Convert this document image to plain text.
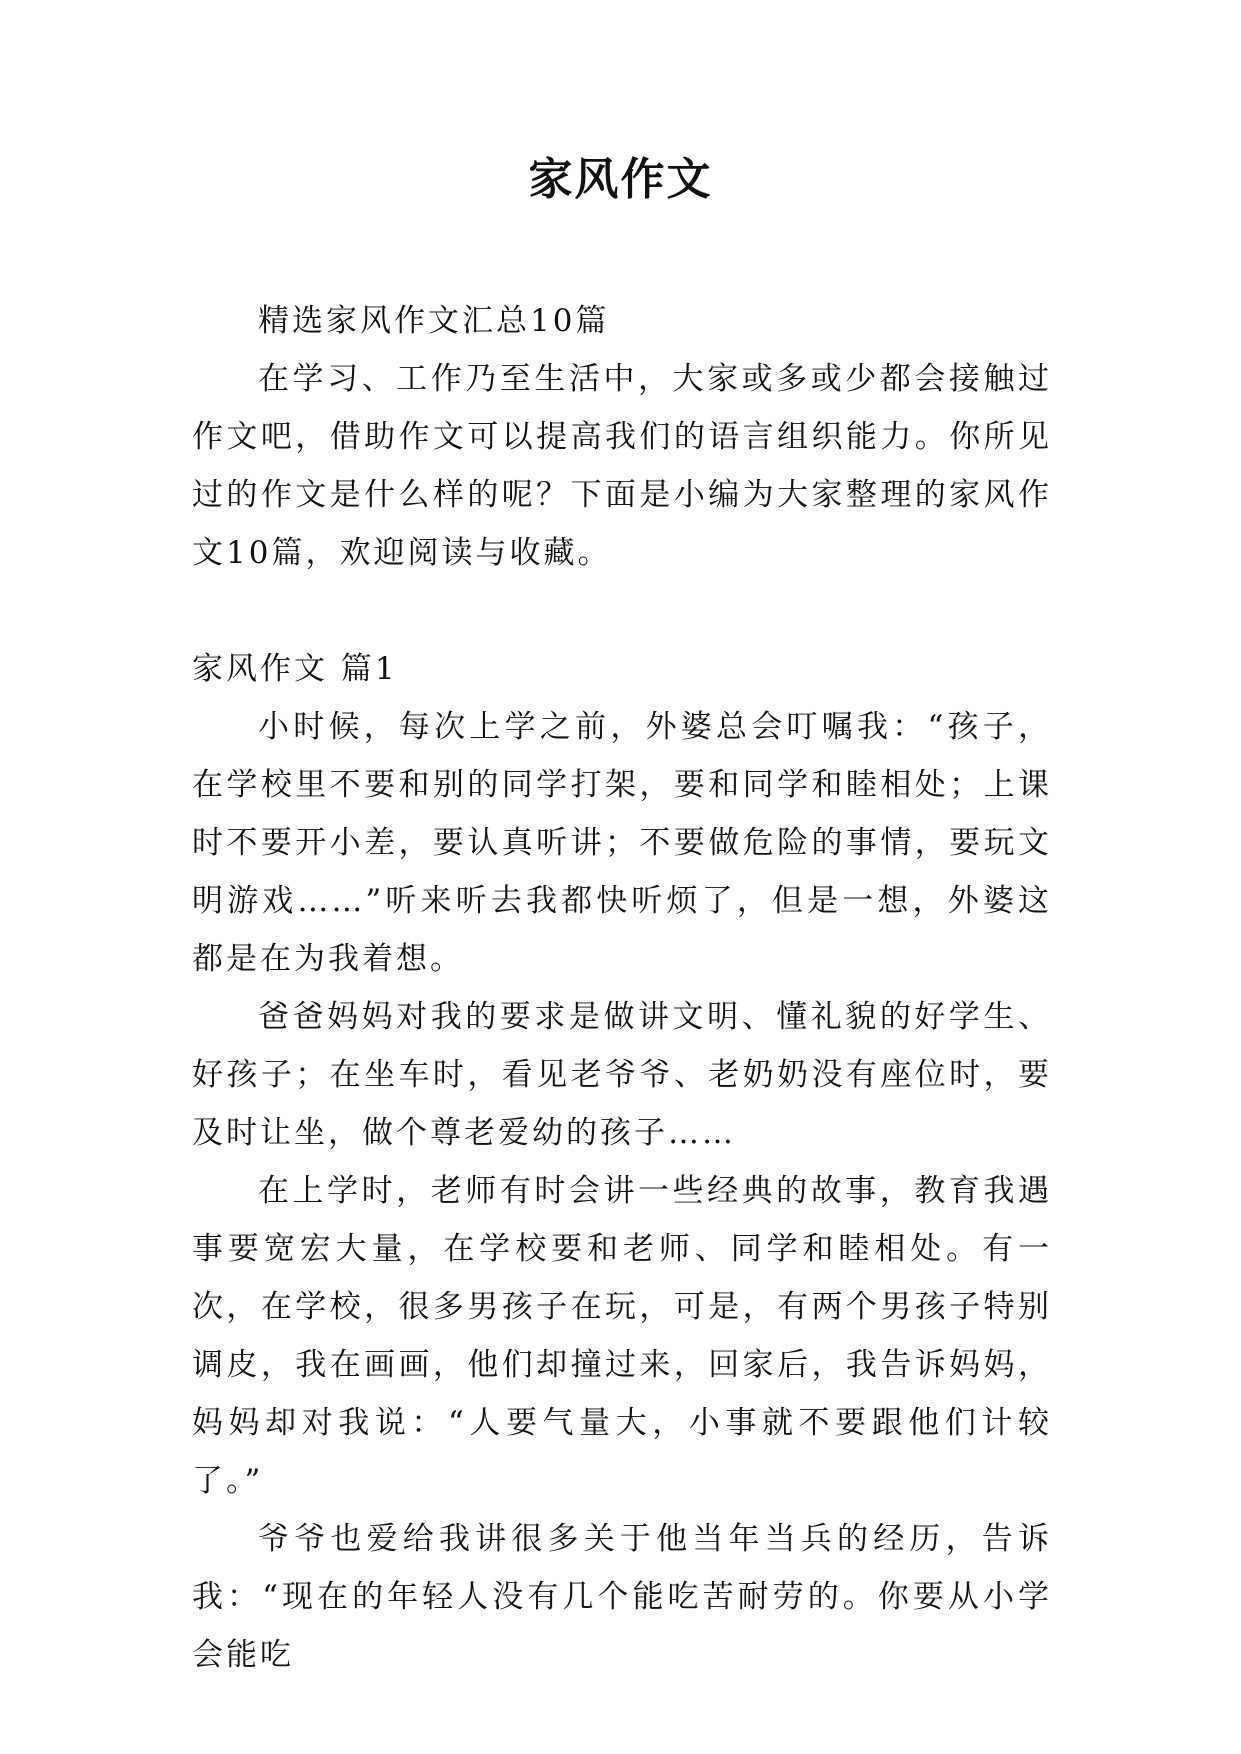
家风作文

精选家风作文汇总10篇

在学习、工作乃至生活中，大家或多或少都会接触过作文吧，借助作文可以提高我们的语言组织能力。你所见过的作文是什么样的呢？下面是小编为大家整理的家风作文10篇，欢迎阅读与收藏。

家风作文 篇1

小时候，每次上学之前，外婆总会叮嘱我：“孩子，在学校里不要和别的同学打架，要和同学和睦相处；上课时不要开小差，要认真听讲；不要做危险的事情，要玩文明游戏……”听来听去我都快听烦了，但是一想，外婆这都是在为我着想。

爸爸妈妈对我的要求是做讲文明、懂礼貌的好学生、好孩子；在坐车时，看见老爷爷、老奶奶没有座位时，要及时让坐，做个尊老爱幼的孩子……

在上学时，老师有时会讲一些经典的故事，教育我遇事要宽宏大量，在学校要和老师、同学和睦相处。有一次，在学校，很多男孩子在玩，可是，有两个男孩子特别调皮，我在画画，他们却撞过来，回家后，我告诉妈妈，妈妈却对我说：“人要气量大，小事就不要跟他们计较了。”

爷爷也爱给我讲很多关于他当年当兵的经历，告诉我：“现在的年轻人没有几个能吃苦耐劳的。你要从小学会能吃
